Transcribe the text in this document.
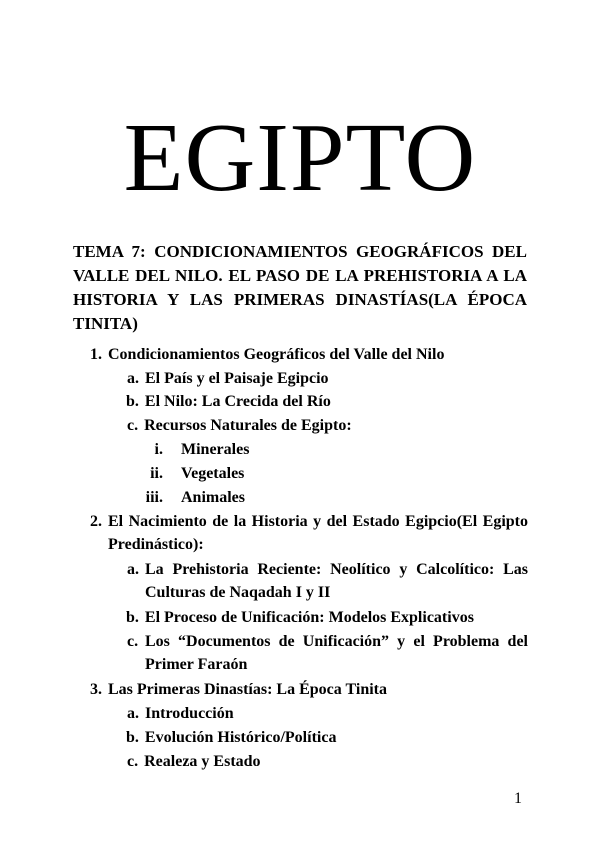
EGIPTO
TEMA 7: CONDICIONAMIENTOS GEOGRÁFICOS DEL VALLE DEL NILO. EL PASO DE LA PREHISTORIA A LA HISTORIA Y LAS PRIMERAS DINASTÍAS(LA ÉPOCA TINITA)
1. Condicionamientos Geográficos del Valle del Nilo
a. El País y el Paisaje Egipcio
b. El Nilo: La Crecida del Río
c. Recursos Naturales de Egipto:
i. Minerales
ii. Vegetales
iii. Animales
2. El Nacimiento de la Historia y del Estado Egipcio(El Egipto Predinástico):
a. La Prehistoria Reciente: Neolítico y Calcolítico: Las Culturas de Naqadah I y II
b. El Proceso de Unificación: Modelos Explicativos
c. Los “Documentos de Unificación” y el Problema del Primer Faraón
3. Las Primeras Dinastías: La Época Tinita
a. Introducción
b. Evolución Histórico/Política
c. Realeza y Estado
1
